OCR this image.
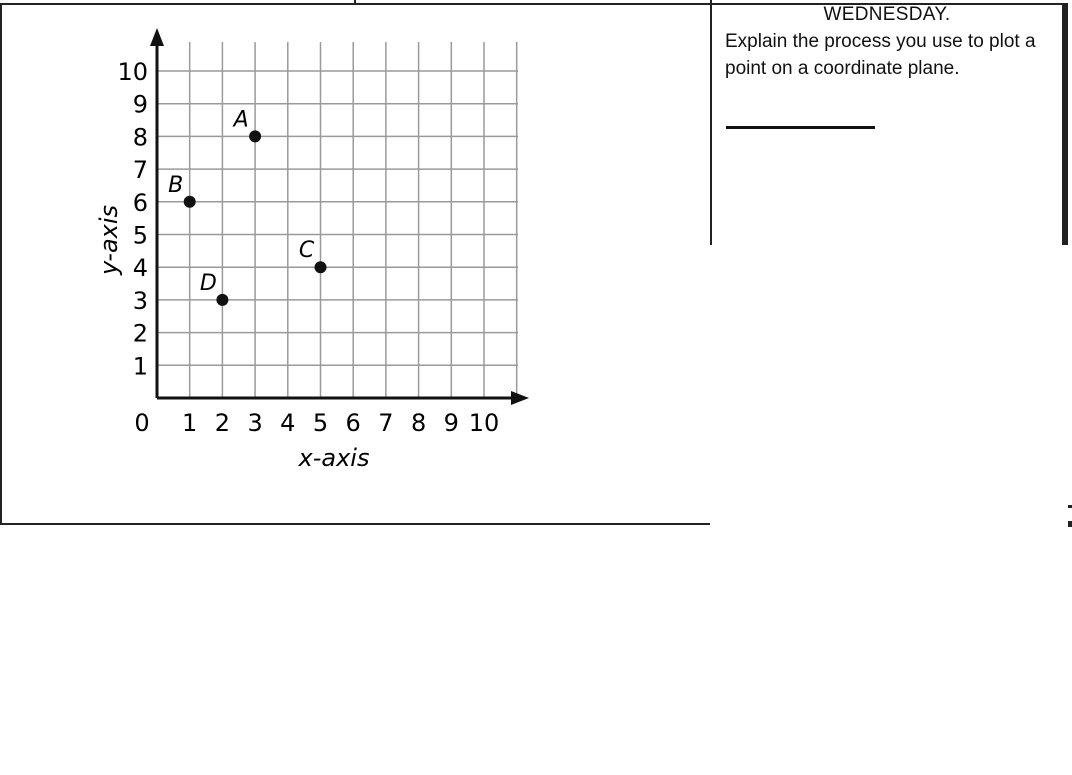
0 1 2 3 4 5 6 7 8 9 10
1
2
3
4
5
6
7
8
9
10
A
B
C
D
x-axis
y-axis
WEDNESDAY.
Explain the process you use to plot a point on a coordinate plane.
